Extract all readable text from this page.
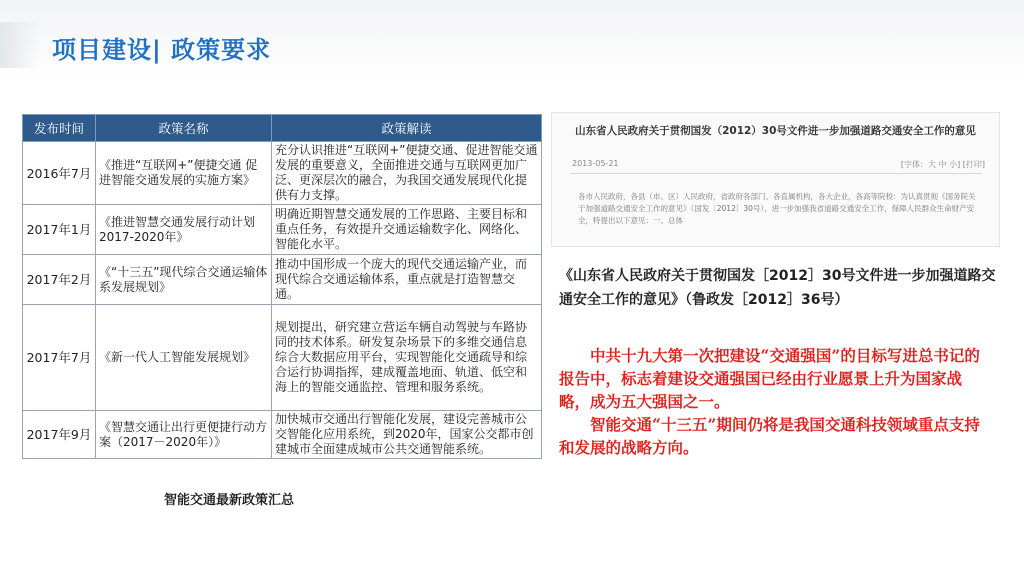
项目建设| 政策要求
发布时间	政策名称	政策解读
2016年7月	《推进“互联网+”便捷交通 促进智能交通发展的实施方案》	充分认识推进“互联网+”便捷交通、促进智能交通发展的重要意义，全面推进交通与互联网更加广泛、更深层次的融合，为我国交通发展现代化提供有力支撑。
2017年1月	《推进智慧交通发展行动计划 2017-2020年》	明确近期智慧交通发展的工作思路、主要目标和重点任务，有效提升交通运输数字化、网络化、智能化水平。
2017年2月	《“十三五”现代综合交通运输体系发展规划》	推动中国形成一个庞大的现代交通运输产业，而现代综合交通运输体系，重点就是打造智慧交通。
2017年7月	《新一代人工智能发展规划》	规划提出，研究建立营运车辆自动驾驶与车路协同的技术体系。研发复杂场景下的多维交通信息综合大数据应用平台，实现智能化交通疏导和综合运行协调指挥，建成覆盖地面、轨道、低空和海上的智能交通监控、管理和服务系统。
2017年9月	《智慧交通让出行更便捷行动方案（2017－2020年）》	加快城市交通出行智能化发展，建设完善城市公交智能化应用系统，到2020年，国家公交都市创建城市全面建成城市公共交通智能系统。
智能交通最新政策汇总
山东省人民政府关于贯彻国发（2012）30号文件进一步加强道路交通安全工作的意见
2013-05-21	[字体：大 中 小] [打印]
各市人民政府，各县（市、区）人民政府，省政府各部门、各直属机构，各大企业，各高等院校：为认真贯彻《国务院关于加强道路交通安全工作的意见》（国发〔2012〕30号），进一步加强我省道路交通安全工作，保障人民群众生命财产安全，特提出以下意见：一、总体
《山东省人民政府关于贯彻国发［2012］30号文件进一步加强道路交通安全工作的意见》（鲁政发［2012］36号）

中共十九大第一次把建设“交通强国”的目标写进总书记的报告中，标志着建设交通强国已经由行业愿景上升为国家战略，成为五大强国之一。

智能交通“十三五”期间仍将是我国交通科技领域重点支持和发展的战略方向。
